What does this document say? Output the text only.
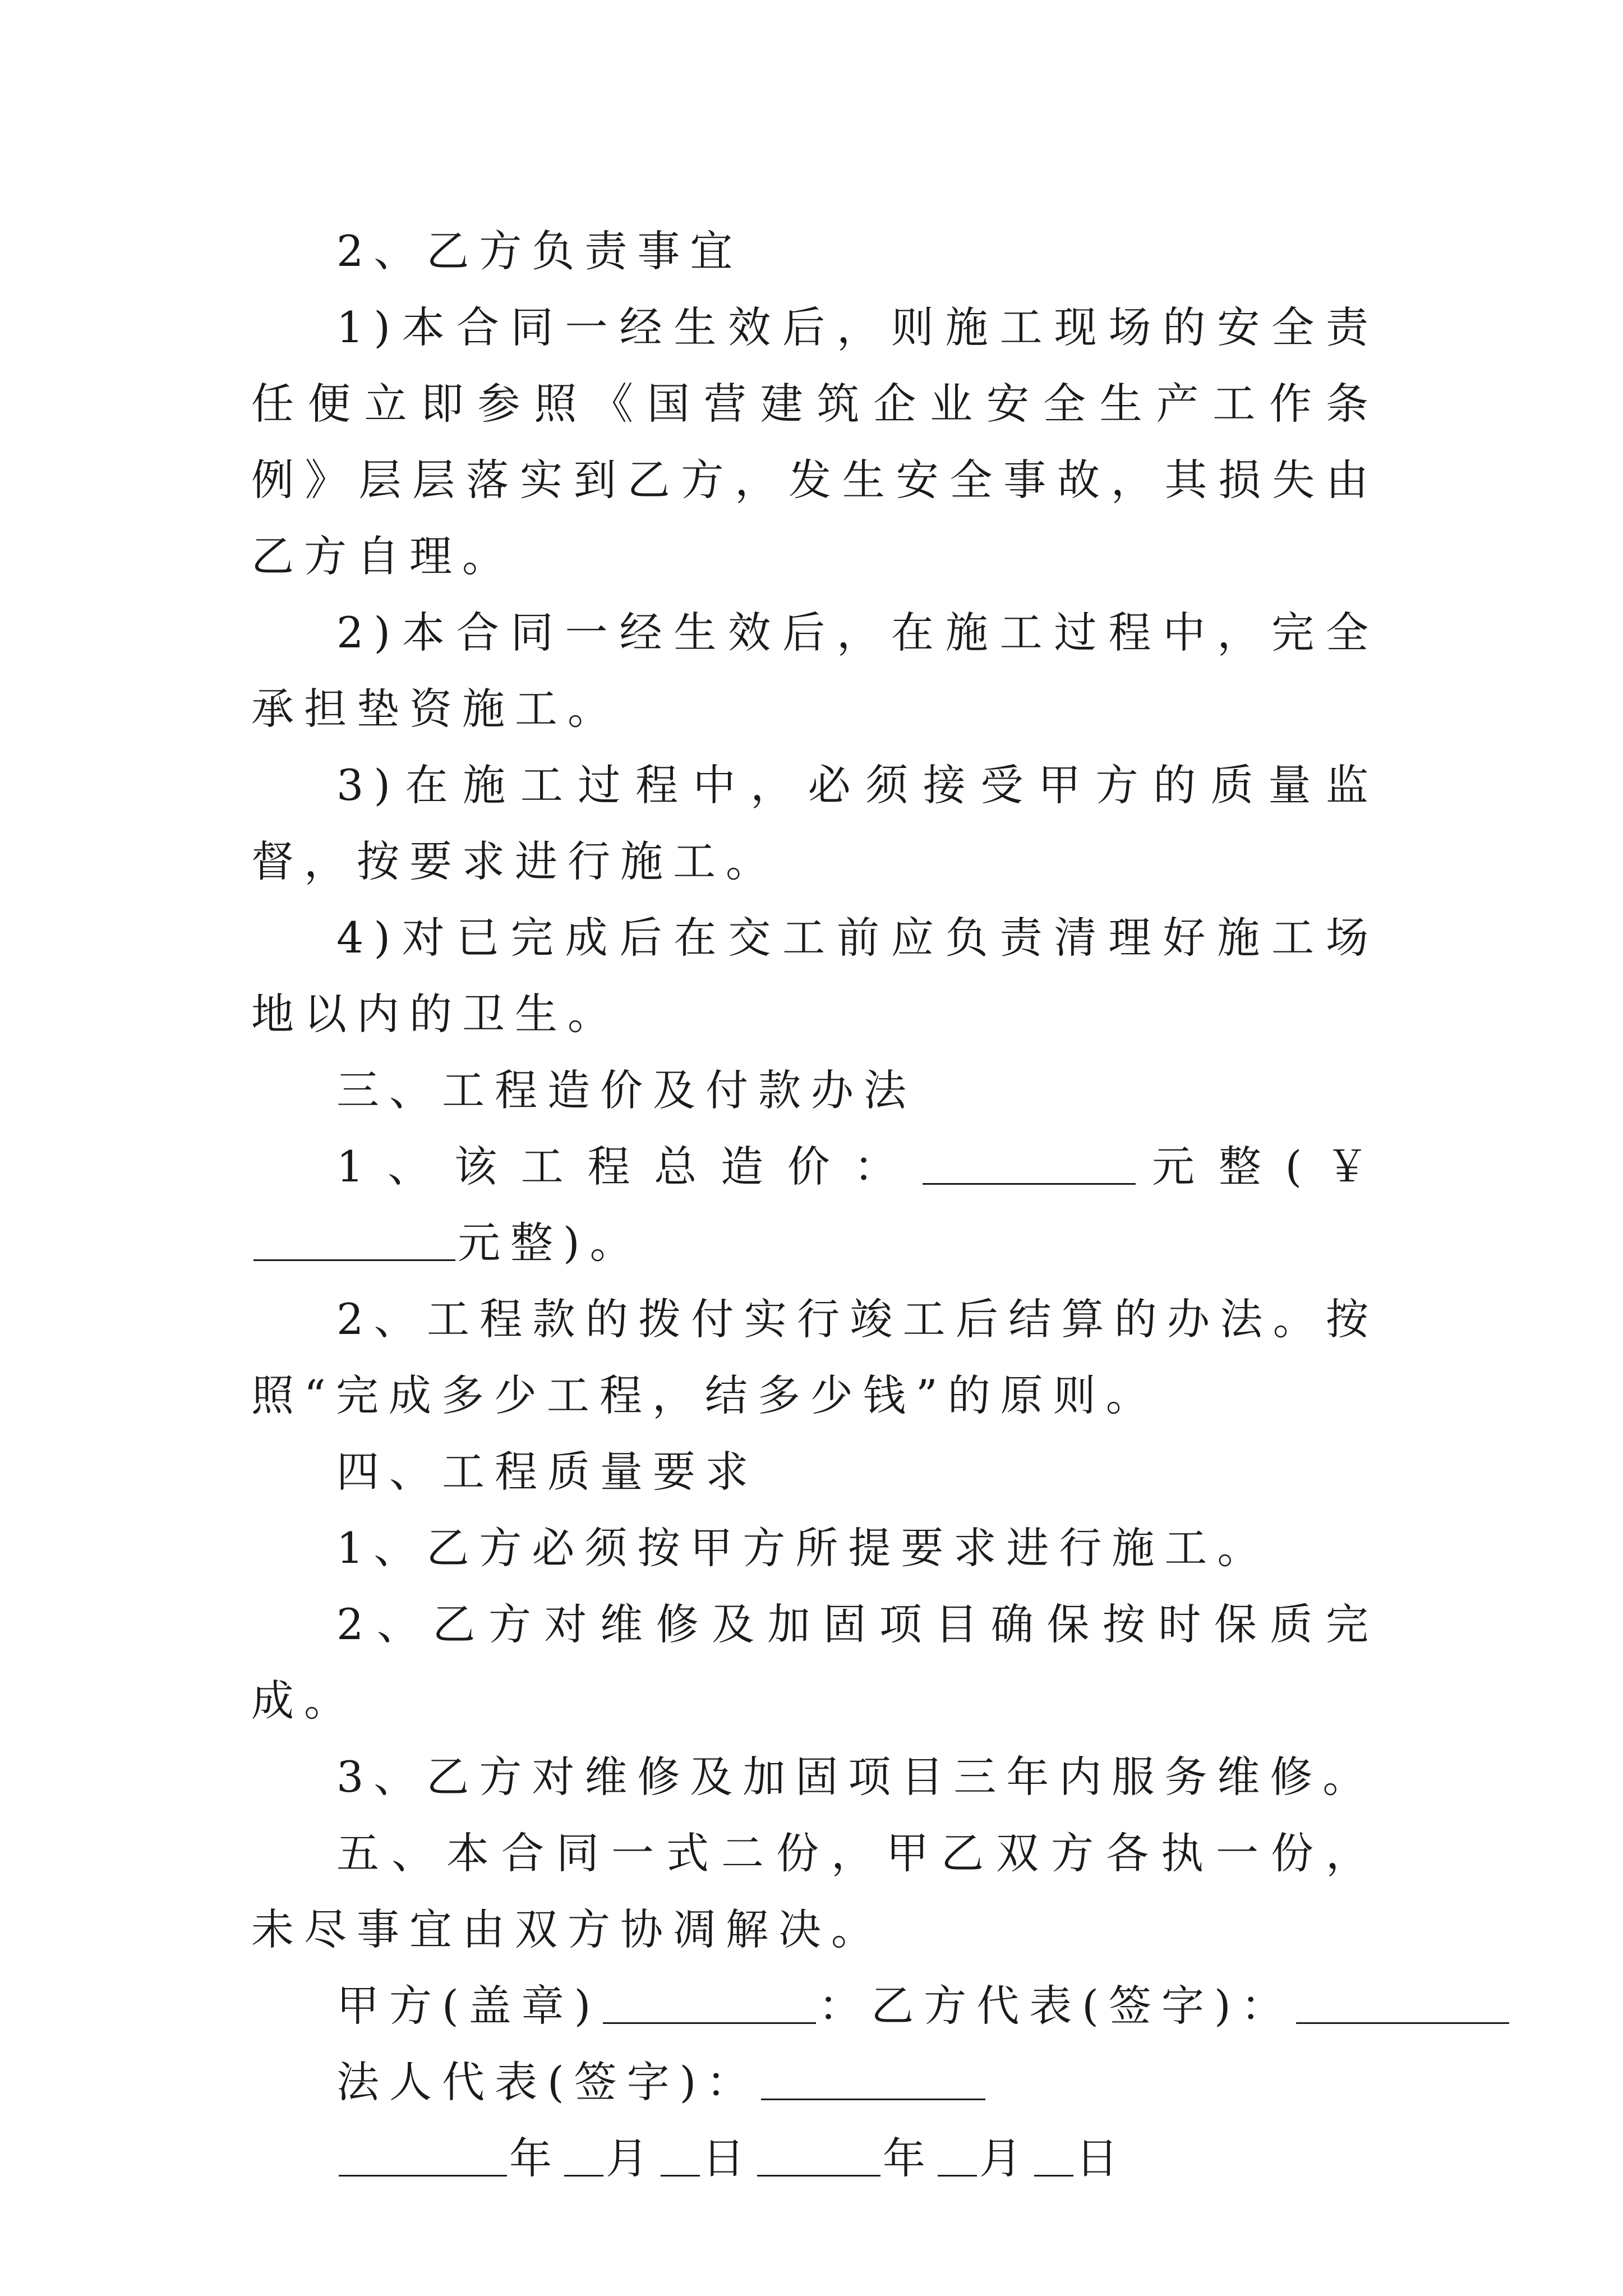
2、乙方负责事宜

1)本合同一经生效后，则施工现场的安全责任便立即参照《国营建筑企业安全生产工作条例》层层落实到乙方，发生安全事故，其损失由乙方自理。

2)本合同一经生效后，在施工过程中，完全承担垫资施工。

3)在施工过程中，必须接受甲方的质量监督，按要求进行施工。

4)对已完成后在交工前应负责清理好施工场地以内的卫生。

三、工程造价及付款办法

1、该工程总造价：	元整(￥元整)。

2、工程款的拨付实行竣工后结算的办法。按照“完成多少工程，结多少钱”的原则。

四、工程质量要求

1、乙方必须按甲方所提要求进行施工。

2、乙方对维修及加固项目确保按时保质完成。

3、乙方对维修及加固项目三年内服务维修。

五、本合同一式二份，甲乙双方各执一份，未尽事宜由双方协凋解决。

甲方(盖章)	：乙方代表(签字)：

法人代表(签字)：

年 月 日	年 月 日
